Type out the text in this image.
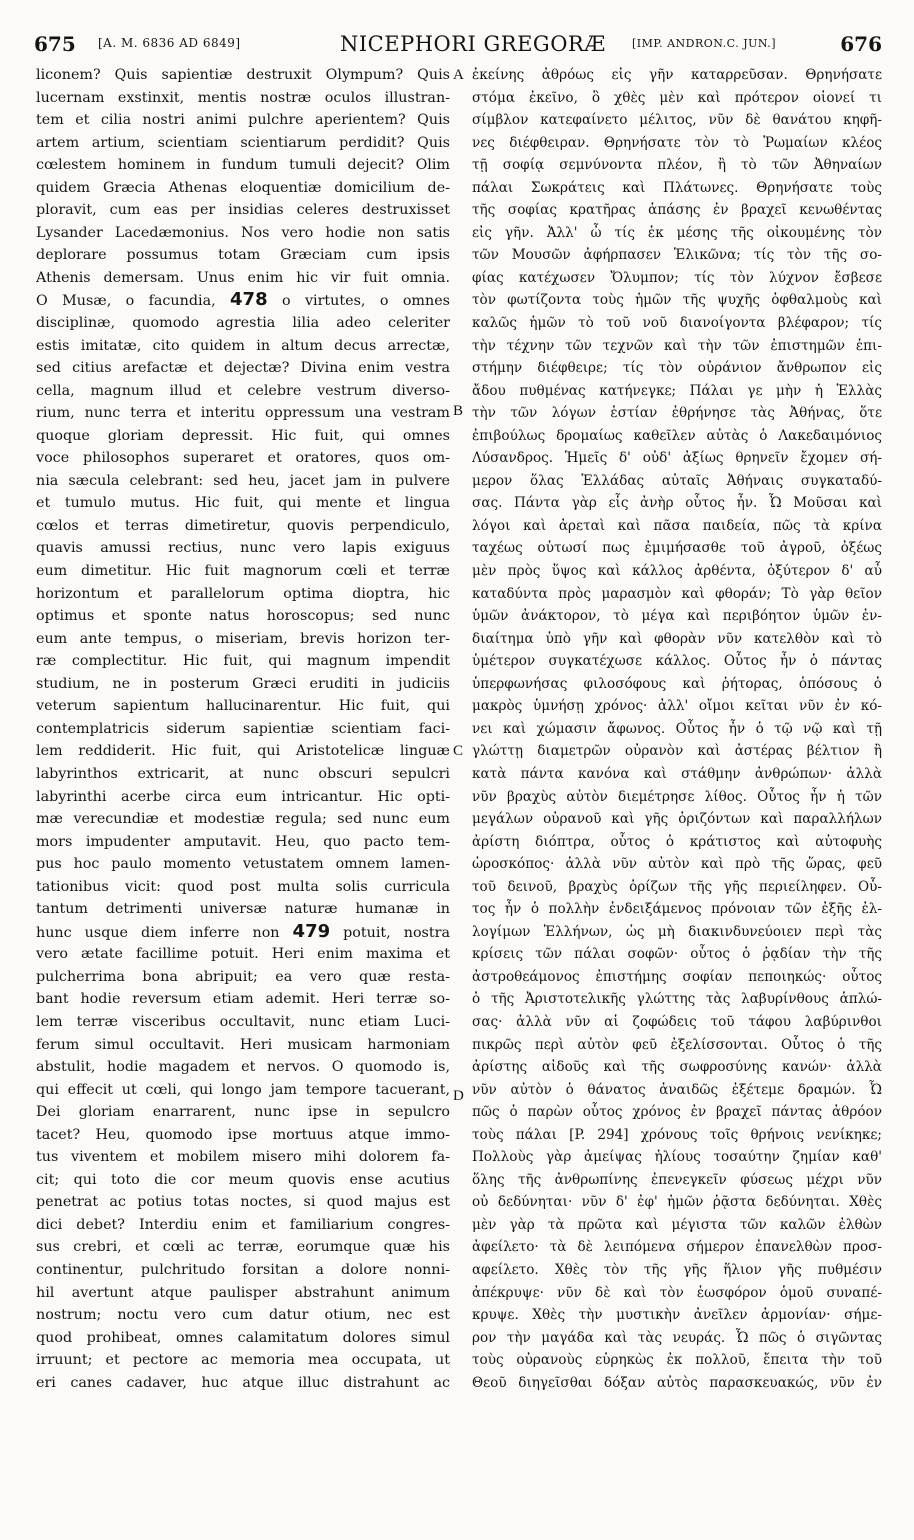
675 [A. M. 6836 AD 6849]	NICEPHORI GREGORÆ [IMP. ANDRON.C. JUN.]	676
liconem? Quis sapientiæ destruxit Olympum? Quis
lucernam exstinxit, mentis nostræ oculos illustran-
tem et cilia nostri animi pulchre aperientem? Quis
artem artium, scientiam scientiarum perdidit? Quis
cœlestem hominem in fundum tumuli dejecit? Olim
quidem Græcia Athenas eloquentiæ domicilium de-
ploravit, cum eas per insidias celeres destruxisset
Lysander Lacedæmonius. Nos vero hodie non satis
deplorare possumus totam Græciam cum ipsis
Athenis demersam. Unus enim hic vir fuit omnia.
O Musæ, o facundia, 478 o virtutes, o omnes
disciplinæ, quomodo agrestia lilia adeo celeriter
estis imitatæ, cito quidem in altum decus arrectæ,
sed citius arefactæ et dejectæ? Divina enim vestra
cella, magnum illud et celebre vestrum diverso-
rium, nunc terra et interitu oppressum una vestram
quoque gloriam depressit. Hic fuit, qui omnes
voce philosophos superaret et oratores, quos om-
nia sæcula celebrant: sed heu, jacet jam in pulvere
et tumulo mutus. Hic fuit, qui mente et lingua
cœlos et terras dimetiretur, quovis perpendiculo,
quavis amussi rectius, nunc vero lapis exiguus
eum dimetitur. Hic fuit magnorum cœli et terræ
horizontum et parallelorum optima dioptra, hic
optimus et sponte natus horoscopus; sed nunc
eum ante tempus, o miseriam, brevis horizon ter-
ræ complectitur. Hic fuit, qui magnum impendit
studium, ne in posterum Græci eruditi in judiciis
veterum sapientum hallucinarentur. Hic fuit, qui
contemplatricis siderum sapientiæ scientiam faci-
lem reddiderit. Hic fuit, qui Aristotelicæ linguæ
labyrinthos extricarit, at nunc obscuri sepulcri
labyrinthi acerbe circa eum intricantur. Hic opti-
mæ verecundiæ et modestiæ regula; sed nunc eum
mors impudenter amputavit. Heu, quo pacto tem-
pus hoc paulo momento vetustatem omnem lamen-
tationibus vicit: quod post multa solis curricula
tantum detrimenti universæ naturæ humanæ in
hunc usque diem inferre non 479 potuit, nostra
vero ætate facillime potuit. Heri enim maxima et
pulcherrima bona abripuit; ea vero quæ resta-
bant hodie reversum etiam ademit. Heri terræ so-
lem terræ visceribus occultavit, nunc etiam Luci-
ferum simul occultavit. Heri musicam harmoniam
abstulit, hodie magadem et nervos. O quomodo is,
qui effecit ut cœli, qui longo jam tempore tacuerant,
Dei gloriam enarrarent, nunc ipse in sepulcro
tacet? Heu, quomodo ipse mortuus atque immo-
tus viventem et mobilem misero mihi dolorem fa-
cit; qui toto die cor meum quovis ense acutius
penetrat ac potius totas noctes, si quod majus est
dici debet? Interdiu enim et familiarium congres-
sus crebri, et cœli ac terræ, eorumque quæ his
continentur, pulchritudo forsitan a dolore nonni-
hil avertunt atque paulisper abstrahunt animum
nostrum; noctu vero cum datur otium, nec est
quod prohibeat, omnes calamitatum dolores simul
irruunt; et pectore ac memoria mea occupata, ut
eri canes cadaver, huc atque illuc distrahunt ac
A
B
C
D
ἐκείνης ἀθρόως εἰς γῆν καταρρεῦσαν. Θρηνήσατε
στόμα ἐκεῖνο, ὃ χθὲς μὲν καὶ πρότερον οἱονεί τι
σίμβλον κατεφαίνετο μέλιτος, νῦν δὲ θανάτου κηφῆ-
νες διέφθειραν. Θρηνήσατε τὸν τὸ Ῥωμαίων κλέος
τῇ σοφίᾳ σεμνύνοντα πλέον, ἢ τὸ τῶν Ἀθηναίων
πάλαι Σωκράτεις καὶ Πλάτωνες. Θρηνήσατε τοὺς
τῆς σοφίας κρατῆρας ἁπάσης ἐν βραχεῖ κενωθέντας
εἰς γῆν. Ἀλλ' ὦ τίς ἐκ μέσης τῆς οἰκουμένης τὸν
τῶν Μουσῶν ἀφήρπασεν Ἑλικῶνα; τίς τὸν τῆς σο-
φίας κατέχωσεν Ὄλυμπον; τίς τὸν λύχνον ἔσβεσε
τὸν φωτίζοντα τοὺς ἡμῶν τῆς ψυχῆς ὀφθαλμοὺς καὶ
καλῶς ἡμῶν τὸ τοῦ νοῦ διανοίγοντα βλέφαρον; τίς
τὴν τέχνην τῶν τεχνῶν καὶ τὴν τῶν ἐπιστημῶν ἐπι-
στήμην διέφθειρε; τίς τὸν οὐράνιον ἄνθρωπον εἰς
ἄδου πυθμένας κατήνεγκε; Πάλαι γε μὴν ἡ Ἑλλὰς
τὴν τῶν λόγων ἑστίαν ἐθρήνησε τὰς Ἀθήνας, ὅτε
ἐπιβούλως δρομαίως καθεῖλεν αὐτὰς ὁ Λακεδαιμόνιος
Λύσανδρος. Ἡμεῖς δ' οὐδ' ἀξίως θρηνεῖν ἔχομεν σή-
μερον ὅλας Ἑλλάδας αὐταῖς Ἀθήναις συγκαταδύ-
σας. Πάντα γὰρ εἷς ἀνὴρ οὗτος ἦν. Ὦ Μοῦσαι καὶ
λόγοι καὶ ἀρεταὶ καὶ πᾶσα παιδεία, πῶς τὰ κρίνα
ταχέως οὑτωσί πως ἐμιμήσασθε τοῦ ἀγροῦ, ὀξέως
μὲν πρὸς ὕψος καὶ κάλλος ἀρθέντα, ὀξύτερον δ' αὖ
καταδύντα πρὸς μαρασμὸν καὶ φθοράν; Τὸ γὰρ θεῖον
ὑμῶν ἀνάκτορον, τὸ μέγα καὶ περιβόητον ὑμῶν ἐν-
διαίτημα ὑπὸ γῆν καὶ φθορὰν νῦν κατελθὸν καὶ τὸ
ὑμέτερον συγκατέχωσε κάλλος. Οὗτος ἦν ὁ πάντας
ὑπερφωνήσας φιλοσόφους καὶ ῥήτορας, ὁπόσους ὁ
μακρὸς ὑμνήσῃ χρόνος· ἀλλ' οἴμοι κεῖται νῦν ἐν κό-
νει καὶ χώμασιν ἄφωνος. Οὗτος ἦν ὁ τῷ νῷ καὶ τῇ
γλώττῃ διαμετρῶν οὐρανὸν καὶ ἀστέρας βέλτιον ἢ
κατὰ πάντα κανόνα καὶ στάθμην ἀνθρώπων· ἀλλὰ
νῦν βραχὺς αὐτὸν διεμέτρησε λίθος. Οὗτος ἦν ἡ τῶν
μεγάλων οὐρανοῦ καὶ γῆς ὁριζόντων καὶ παραλλήλων
ἀρίστη διόπτρα, οὗτος ὁ κράτιστος καὶ αὐτοφυὴς
ὡροσκόπος· ἀλλὰ νῦν αὐτὸν καὶ πρὸ τῆς ὥρας, φεῦ
τοῦ δεινοῦ, βραχὺς ὁρίζων τῆς γῆς περιείληφεν. Οὗ-
τος ἦν ὁ πολλὴν ἐνδειξάμενος πρόνοιαν τῶν ἐξῆς ἐλ-
λογίμων Ἑλλήνων, ὡς μὴ διακινδυνεύοιεν περὶ τὰς
κρίσεις τῶν πάλαι σοφῶν· οὗτος ὁ ῥᾳδίαν τὴν τῆς
ἀστροθεάμονος ἐπιστήμης σοφίαν πεποιηκώς· οὗτος
ὁ τῆς Ἀριστοτελικῆς γλώττης τὰς λαβυρίνθους ἁπλώ-
σας· ἀλλὰ νῦν αἱ ζοφώδεις τοῦ τάφου λαβύρινθοι
πικρῶς περὶ αὐτὸν φεῦ ἐξελίσσονται. Οὗτος ὁ τῆς
ἀρίστης αἰδοῦς καὶ τῆς σωφροσύνης κανών· ἀλλὰ
νῦν αὐτὸν ὁ θάνατος ἀναιδῶς ἐξέτεμε δραμών. Ὦ
πῶς ὁ παρὼν οὗτος χρόνος ἐν βραχεῖ πάντας ἀθρόον
τοὺς πάλαι [P. 294] χρόνους τοῖς θρήνοις νενίκηκε;
Πολλοὺς γὰρ ἀμείψας ἡλίους τοσαύτην ζημίαν καθ'
ὅλης τῆς ἀνθρωπίνης ἐπενεγκεῖν φύσεως μέχρι νῦν
οὐ δεδύνηται· νῦν δ' ἐφ' ἡμῶν ῥᾷστα δεδύνηται. Χθὲς
μὲν γὰρ τὰ πρῶτα καὶ μέγιστα τῶν καλῶν ἐλθὼν
ἀφείλετο· τὰ δὲ λειπόμενα σήμερον ἐπανελθὼν προσ-
αφείλετο. Χθὲς τὸν τῆς γῆς ἥλιον γῆς πυθμέσιν
ἀπέκρυψε· νῦν δὲ καὶ τὸν ἑωσφόρον ὁμοῦ συναπέ-
κρυψε. Χθὲς τὴν μυστικὴν ἀνεῖλεν ἁρμονίαν· σήμε-
ρον τὴν μαγάδα καὶ τὰς νευράς. Ὦ πῶς ὁ σιγῶντας
τοὺς οὐρανοὺς εὑρηκὼς ἐκ πολλοῦ, ἔπειτα τὴν τοῦ
Θεοῦ διηγεῖσθαι δόξαν αὐτὸς παρασκευακώς, νῦν ἐν
